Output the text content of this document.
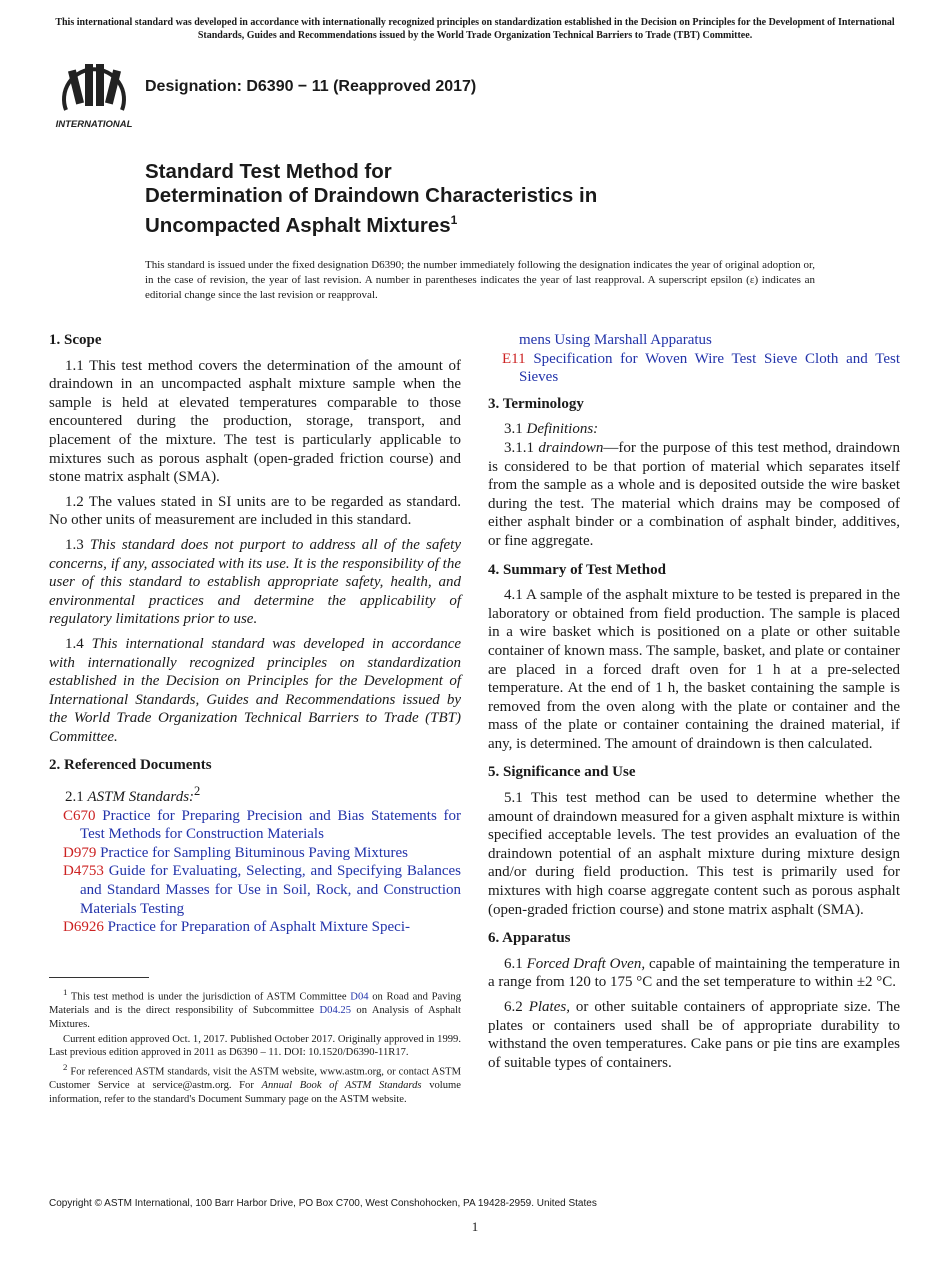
This international standard was developed in accordance with internationally recognized principles on standardization established in the Decision on Principles for the Development of International Standards, Guides and Recommendations issued by the World Trade Organization Technical Barriers to Trade (TBT) Committee.
INTERNATIONAL
Designation: D6390 − 11 (Reapproved 2017)
Standard Test Method for
Determination of Draindown Characteristics in
Uncompacted Asphalt Mixtures$^1$
This standard is issued under the fixed designation D6390; the number immediately following the designation indicates the year of original adoption or, in the case of revision, the year of last revision. A number in parentheses indicates the year of last reapproval. A superscript epsilon (ε) indicates an editorial change since the last revision or reapproval.
1. Scope

1.1 This test method covers the determination of the amount of draindown in an uncompacted asphalt mixture sample when the sample is held at elevated temperatures comparable to those encountered during the production, storage, transport, and placement of the mixture. The test is particularly applicable to mixtures such as porous asphalt (open-graded friction course) and stone matrix asphalt (SMA).

1.2 The values stated in SI units are to be regarded as standard. No other units of measurement are included in this standard.

1.3 This standard does not purport to address all of the safety concerns, if any, associated with its use. It is the responsibility of the user of this standard to establish appropriate safety, health, and environmental practices and determine the applicability of regulatory limitations prior to use.

1.4 This international standard was developed in accordance with internationally recognized principles on standardization established in the Decision on Principles for the Development of International Standards, Guides and Recommendations issued by the World Trade Organization Technical Barriers to Trade (TBT) Committee.

2. Referenced Documents

2.1 ASTM Standards:$^2$

C670 Practice for Preparing Precision and Bias Statements for Test Methods for Construction Materials

D979 Practice for Sampling Bituminous Paving Mixtures

D4753 Guide for Evaluating, Selecting, and Specifying Balances and Standard Masses for Use in Soil, Rock, and Construction Materials Testing

D6926 Practice for Preparation of Asphalt Mixture Speci-

mens Using Marshall Apparatus

E11 Specification for Woven Wire Test Sieve Cloth and Test Sieves

3. Terminology

3.1 Definitions:

3.1.1 draindown—for the purpose of this test method, draindown is considered to be that portion of material which separates itself from the sample as a whole and is deposited outside the wire basket during the test. The material which drains may be composed of either asphalt binder or a combination of asphalt binder, additives, or fine aggregate.

4. Summary of Test Method

4.1 A sample of the asphalt mixture to be tested is prepared in the laboratory or obtained from field production. The sample is placed in a wire basket which is positioned on a plate or other suitable container of known mass. The sample, basket, and plate or container are placed in a forced draft oven for 1 h at a pre-selected temperature. At the end of 1 h, the basket containing the sample is removed from the oven along with the plate or container and the mass of the plate or container containing the drained material, if any, is determined. The amount of draindown is then calculated.

5. Significance and Use

5.1 This test method can be used to determine whether the amount of draindown measured for a given asphalt mixture is within specified acceptable levels. The test provides an evaluation of the draindown potential of an asphalt mixture during mixture design and/or during field production. This test is primarily used for mixtures with high coarse aggregate content such as porous asphalt (open-graded friction course) and stone matrix asphalt (SMA).

6. Apparatus

6.1 Forced Draft Oven, capable of maintaining the temperature in a range from 120 to 175 °C and the set temperature to within ±2 °C.

6.2 Plates, or other suitable containers of appropriate size. The plates or containers used shall be of appropriate durability to withstand the oven temperatures. Cake pans or pie tins are examples of suitable types of containers.

$^1$ This test method is under the jurisdiction of ASTM Committee D04 on Road and Paving Materials and is the direct responsibility of Subcommittee D04.25 on Analysis of Asphalt Mixtures.

Current edition approved Oct. 1, 2017. Published October 2017. Originally approved in 1999. Last previous edition approved in 2011 as D6390 – 11. DOI: 10.1520/D6390-11R17.

$^2$ For referenced ASTM standards, visit the ASTM website, www.astm.org, or contact ASTM Customer Service at service@astm.org. For Annual Book of ASTM Standards volume information, refer to the standard's Document Summary page on the ASTM website.

Copyright © ASTM International, 100 Barr Harbor Drive, PO Box C700, West Conshohocken, PA 19428-2959. United States
1
